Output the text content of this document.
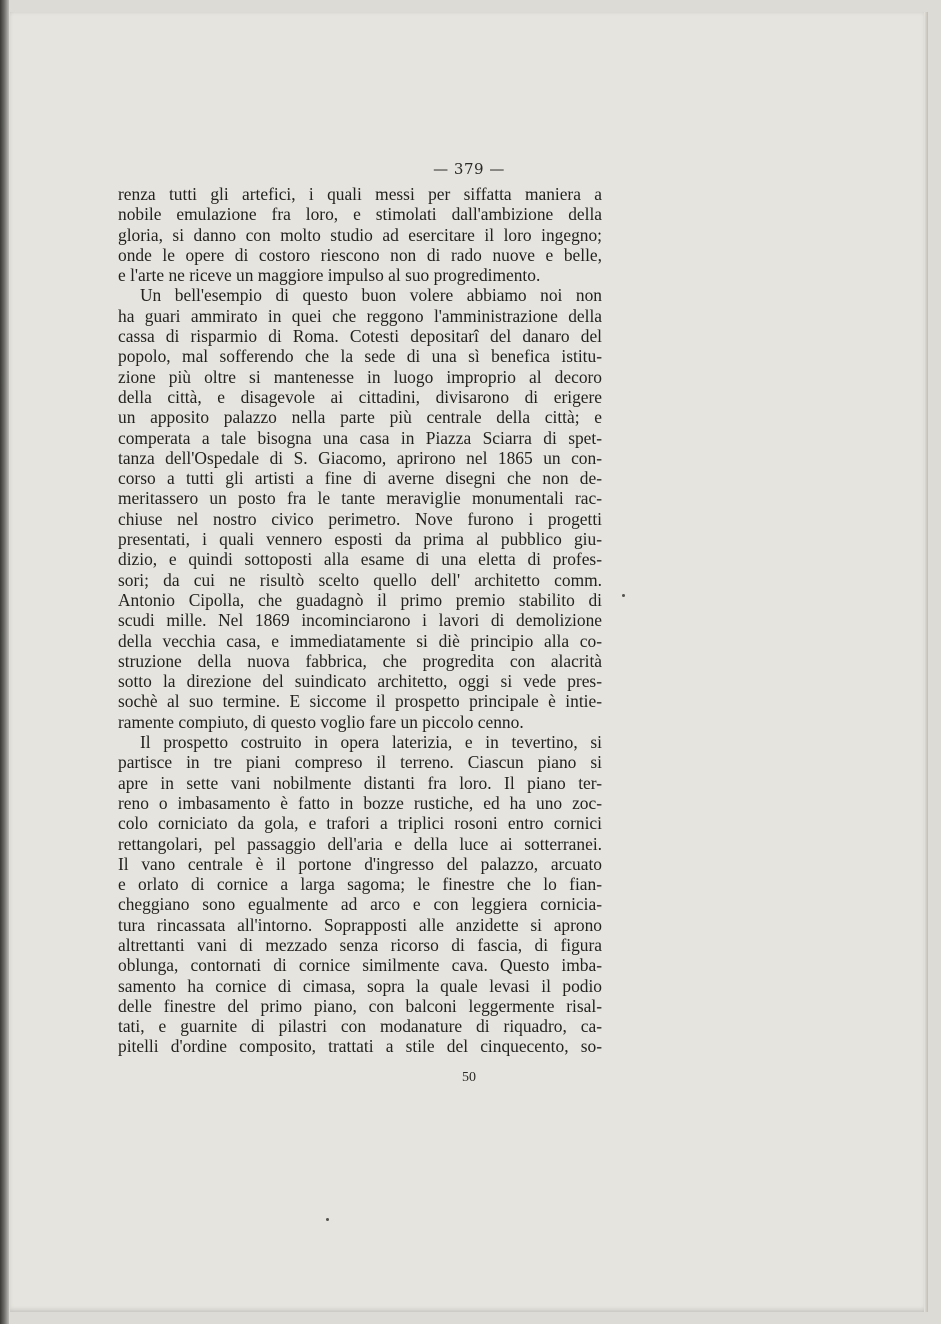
— 379 —
renza tutti gli artefici, i quali messi per siffatta maniera a
nobile emulazione fra loro, e stimolati dall'ambizione della
gloria, si danno con molto studio ad esercitare il loro ingegno;
onde le opere di costoro riescono non di rado nuove e belle,
e l'arte ne riceve un maggiore impulso al suo progredimento.
Un bell'esempio di questo buon volere abbiamo noi non
ha guari ammirato in quei che reggono l'amministrazione della
cassa di risparmio di Roma. Cotesti depositarî del danaro del
popolo, mal sofferendo che la sede di una sì benefica istitu-
zione più oltre si mantenesse in luogo improprio al decoro
della città, e disagevole ai cittadini, divisarono di erigere
un apposito palazzo nella parte più centrale della città; e
comperata a tale bisogna una casa in Piazza Sciarra di spet-
tanza dell'Ospedale di S. Giacomo, aprirono nel 1865 un con-
corso a tutti gli artisti a fine di averne disegni che non de-
meritassero un posto fra le tante meraviglie monumentali rac-
chiuse nel nostro civico perimetro. Nove furono i progetti
presentati, i quali vennero esposti da prima al pubblico giu-
dizio, e quindi sottoposti alla esame di una eletta di profes-
sori; da cui ne risultò scelto quello dell' architetto comm.
Antonio Cipolla, che guadagnò il primo premio stabilito di
scudi mille. Nel 1869 incominciarono i lavori di demolizione
della vecchia casa, e immediatamente si diè principio alla co-
struzione della nuova fabbrica, che progredita con alacrità
sotto la direzione del suindicato architetto, oggi si vede pres-
sochè al suo termine. E siccome il prospetto principale è intie-
ramente compiuto, di questo voglio fare un piccolo cenno.
Il prospetto costruito in opera laterizia, e in tevertino, si
partisce in tre piani compreso il terreno. Ciascun piano si
apre in sette vani nobilmente distanti fra loro. Il piano ter-
reno o imbasamento è fatto in bozze rustiche, ed ha uno zoc-
colo corniciato da gola, e trafori a triplici rosoni entro cornici
rettangolari, pel passaggio dell'aria e della luce ai sotterranei.
Il vano centrale è il portone d'ingresso del palazzo, arcuato
e orlato di cornice a larga sagoma; le finestre che lo fian-
cheggiano sono egualmente ad arco e con leggiera cornicia-
tura rincassata all'intorno. Soprapposti alle anzidette si aprono
altrettanti vani di mezzado senza ricorso di fascia, di figura
oblunga, contornati di cornice similmente cava. Questo imba-
samento ha cornice di cimasa, sopra la quale levasi il podio
delle finestre del primo piano, con balconi leggermente risal-
tati, e guarnite di pilastri con modanature di riquadro, ca-
pitelli d'ordine composito, trattati a stile del cinquecento, so-
50
